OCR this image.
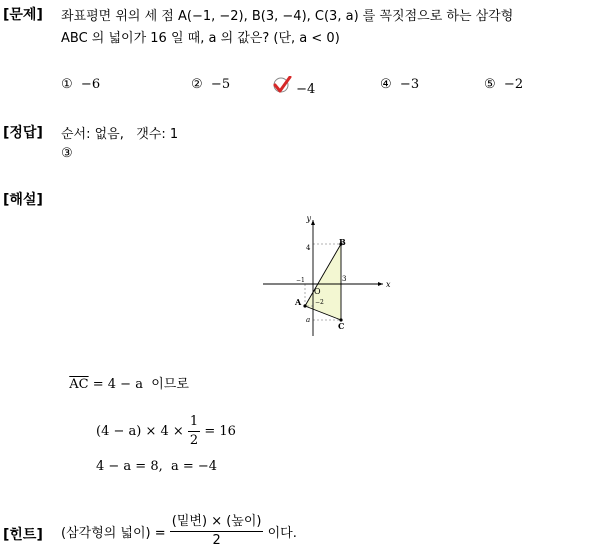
[문제] 좌표평면 위의 세 점 A(−1, −2), B(3, −4), C(3, a) 를 꼭짓점으로 하는 삼각형
ABC 의 넓이가 16 일 때, a 의 값은? (단, a < 0)
① −6	② −5	−4	④ −3	⑤ −2
[정답] 순서: 없음,   갯수: 1
③
[해설]
x
y
A
B
C
O
4
3
−1
−2
a

$\overline{AC} = 4 - a$  이므로

$(4 - a) \times 4 \times \frac{1}{2} = 16$
4 − a = 8,  a = −4
[힌트] (삼각형의 넓이) = $\frac{\text{(밑변) × (높이)}}{2}$ 이다.
